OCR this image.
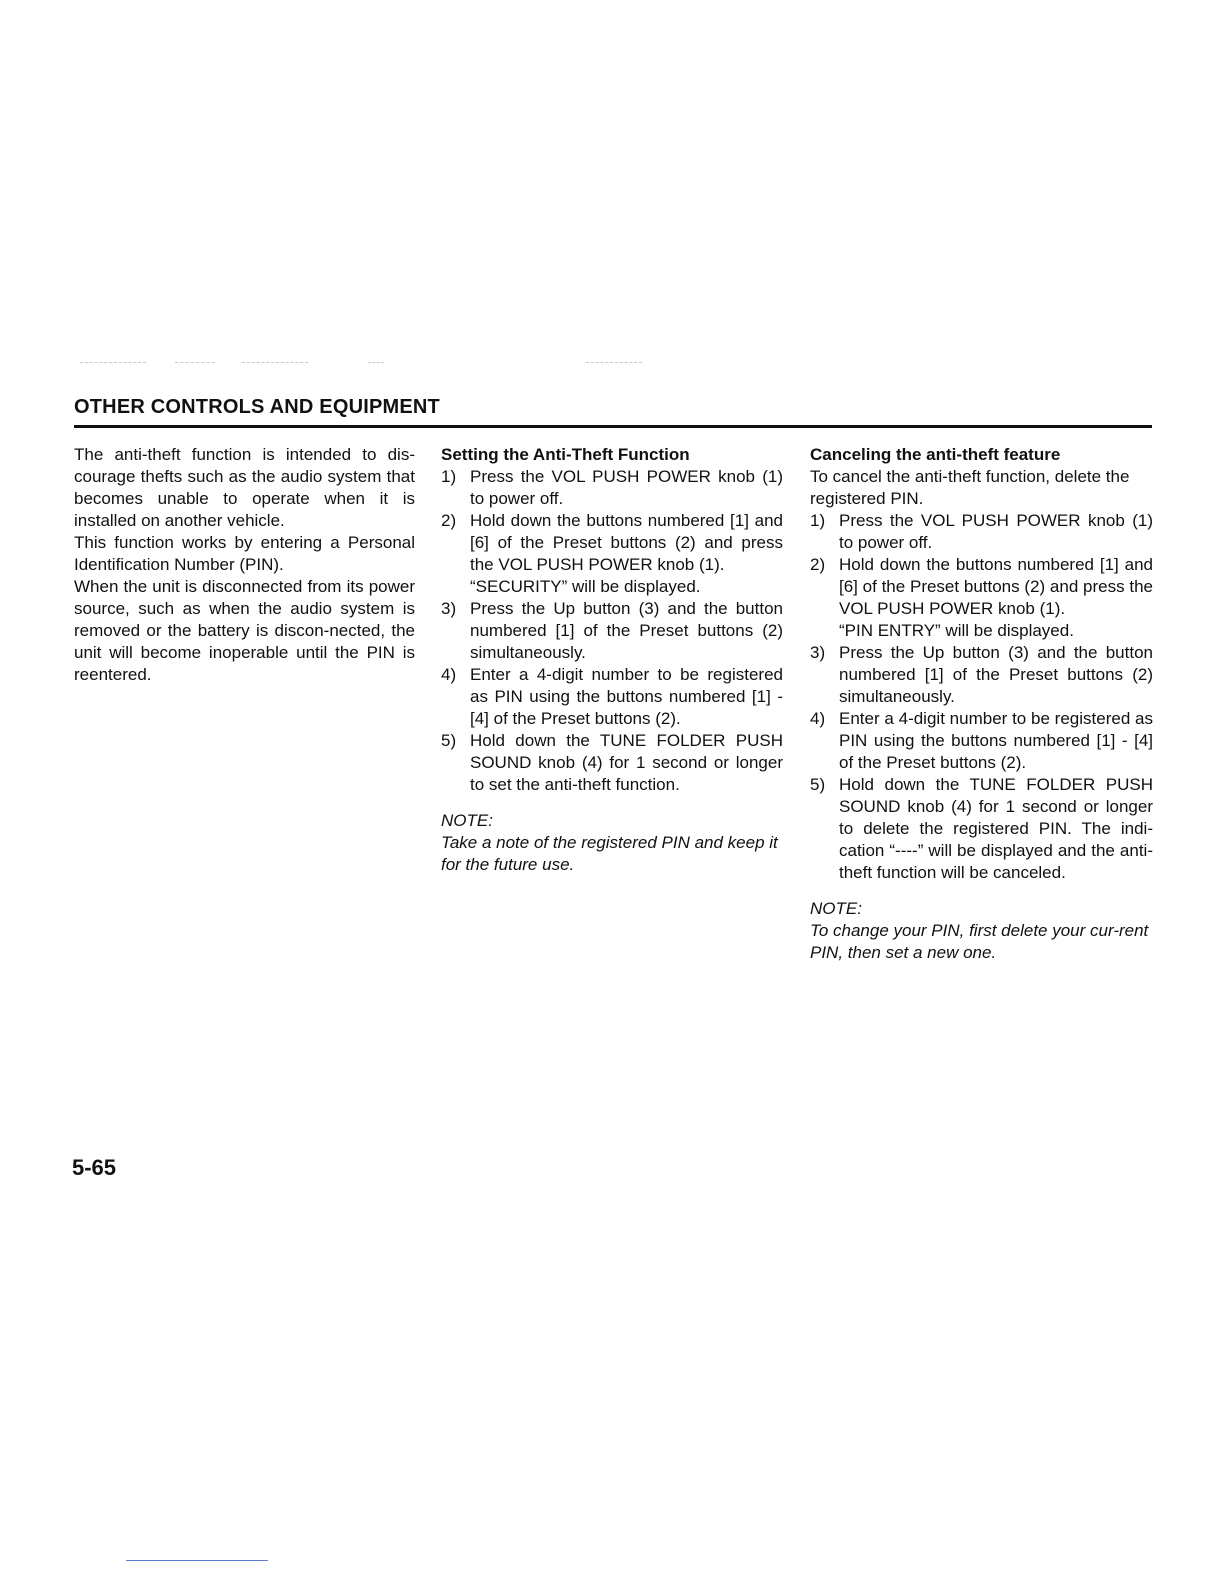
OTHER CONTROLS AND EQUIPMENT

The anti-theft function is intended to dis-courage thefts such as the audio system that becomes unable to operate when it is installed on another vehicle.

This function works by entering a Personal Identification Number (PIN).

When the unit is disconnected from its power source, such as when the audio system is removed or the battery is discon-nected, the unit will become inoperable until the PIN is reentered.

Setting the Anti-Theft Function
1) Press the VOL PUSH POWER knob (1) to power off.
2) Hold down the buttons numbered [1] and [6] of the Preset buttons (2) and press the VOL PUSH POWER knob (1).
“SECURITY” will be displayed.
3) Press the Up button (3) and the button numbered [1] of the Preset buttons (2) simultaneously.
4) Enter a 4-digit number to be registered as PIN using the buttons numbered [1] - [4] of the Preset buttons (2).
5) Hold down the TUNE FOLDER PUSH SOUND knob (4) for 1 second or longer to set the anti-theft function.

NOTE:

Take a note of the registered PIN and keep it for the future use.

Canceling the anti-theft feature

To cancel the anti-theft function, delete the registered PIN.

1) Press the VOL PUSH POWER knob (1) to power off.
2) Hold down the buttons numbered [1] and [6] of the Preset buttons (2) and press the VOL PUSH POWER knob (1).
“PIN ENTRY” will be displayed.
3) Press the Up button (3) and the button numbered [1] of the Preset buttons (2) simultaneously.
4) Enter a 4-digit number to be registered as PIN using the buttons numbered [1] - [4] of the Preset buttons (2).
5) Hold down the TUNE FOLDER PUSH SOUND knob (4) for 1 second or longer to delete the registered PIN. The indi-cation “----” will be displayed and the anti-theft function will be canceled.

NOTE:

To change your PIN, first delete your cur-rent PIN, then set a new one.

5-65
